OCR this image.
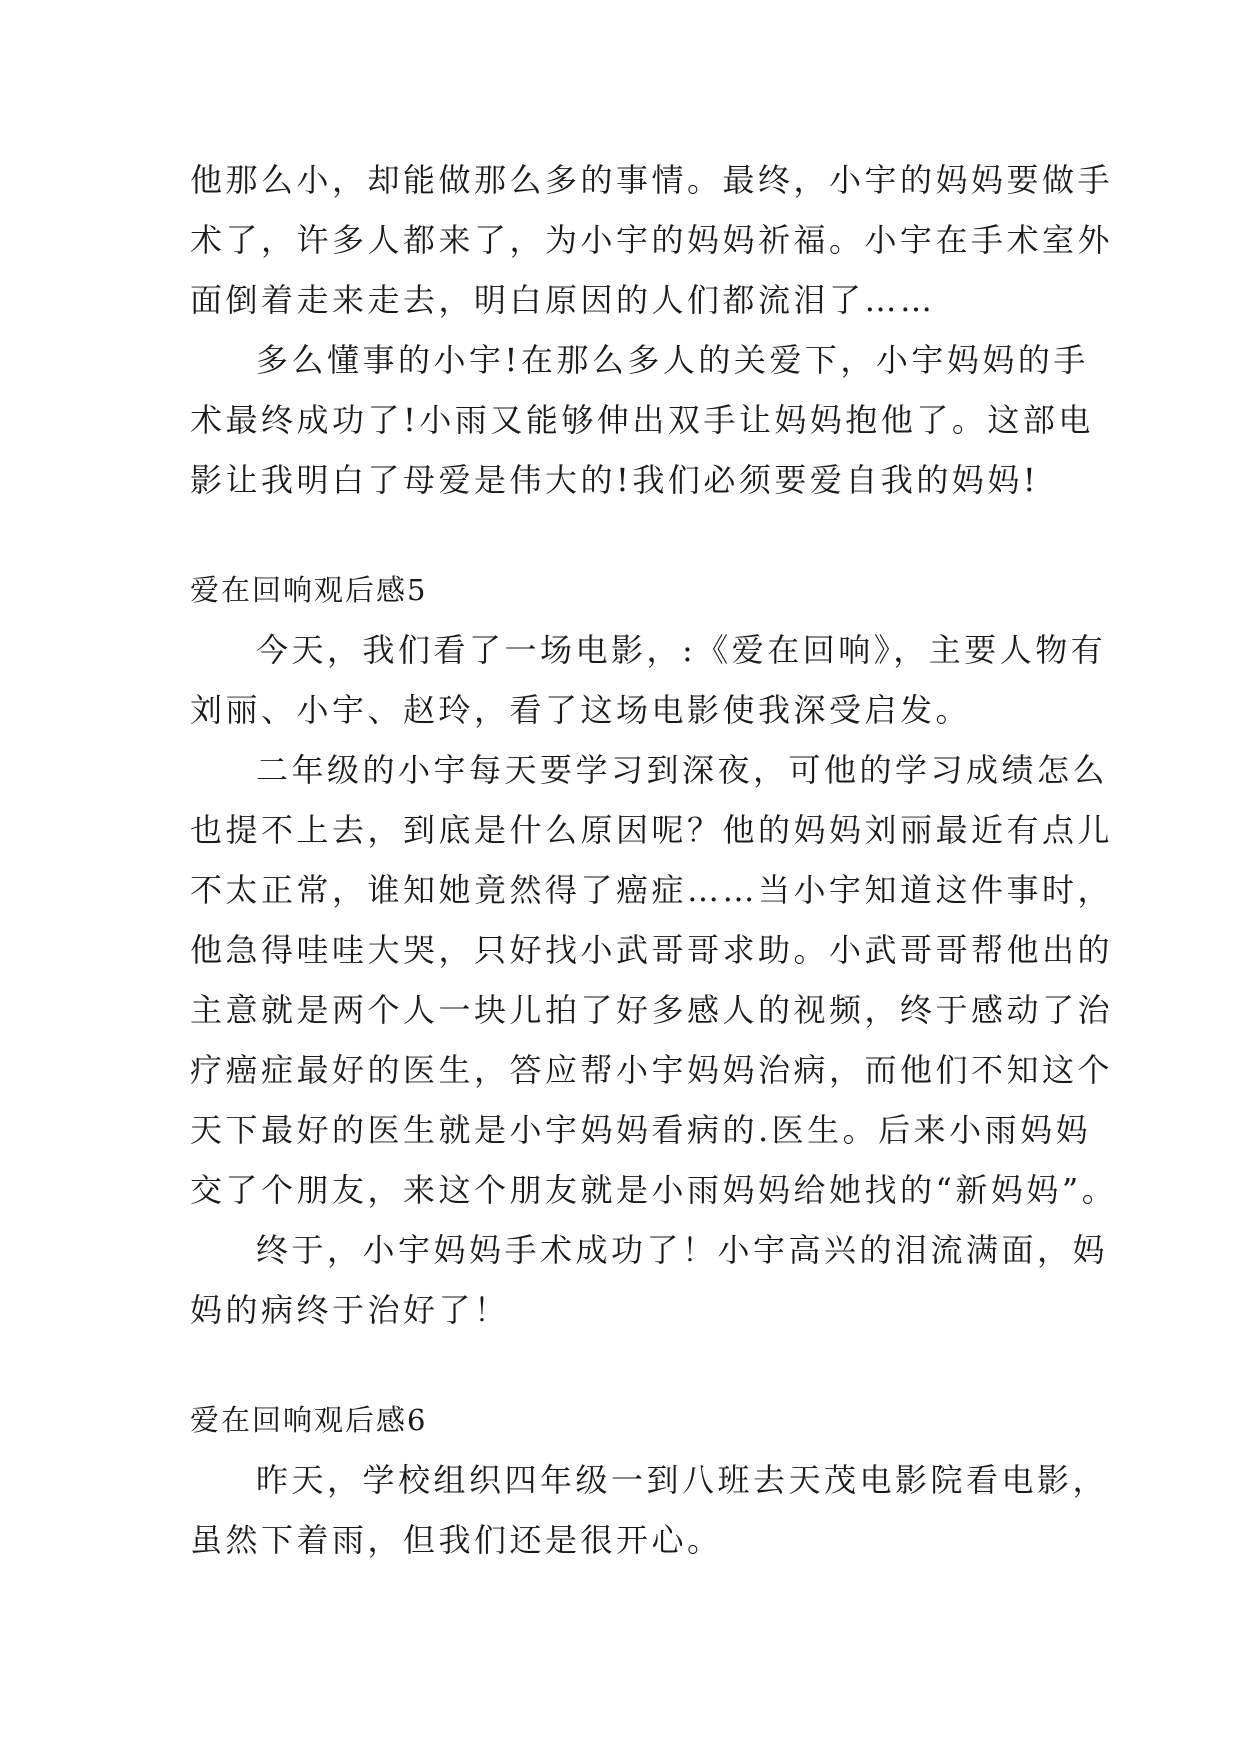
他那么小，却能做那么多的事情。最终，小宇的妈妈要做手
术了，许多人都来了，为小宇的妈妈祈福。小宇在手术室外
面倒着走来走去，明白原因的人们都流泪了……
多么懂事的小宇!在那么多人的关爱下，小宇妈妈的手
术最终成功了!小雨又能够伸出双手让妈妈抱他了。这部电
影让我明白了母爱是伟大的!我们必须要爱自我的妈妈!
爱在回响观后感5
今天，我们看了一场电影，:《爱在回响》，主要人物有
刘丽、小宇、赵玲，看了这场电影使我深受启发。
二年级的小宇每天要学习到深夜，可他的学习成绩怎么
也提不上去，到底是什么原因呢？他的妈妈刘丽最近有点儿
不太正常，谁知她竟然得了癌症……当小宇知道这件事时，
他急得哇哇大哭，只好找小武哥哥求助。小武哥哥帮他出的
主意就是两个人一块儿拍了好多感人的视频，终于感动了治
疗癌症最好的医生，答应帮小宇妈妈治病，而他们不知这个
天下最好的医生就是小宇妈妈看病的.医生。后来小雨妈妈
交了个朋友，来这个朋友就是小雨妈妈给她找的“新妈妈”。
终于，小宇妈妈手术成功了！小宇高兴的泪流满面，妈
妈的病终于治好了！
爱在回响观后感6
昨天，学校组织四年级一到八班去天茂电影院看电影，
虽然下着雨，但我们还是很开心。
